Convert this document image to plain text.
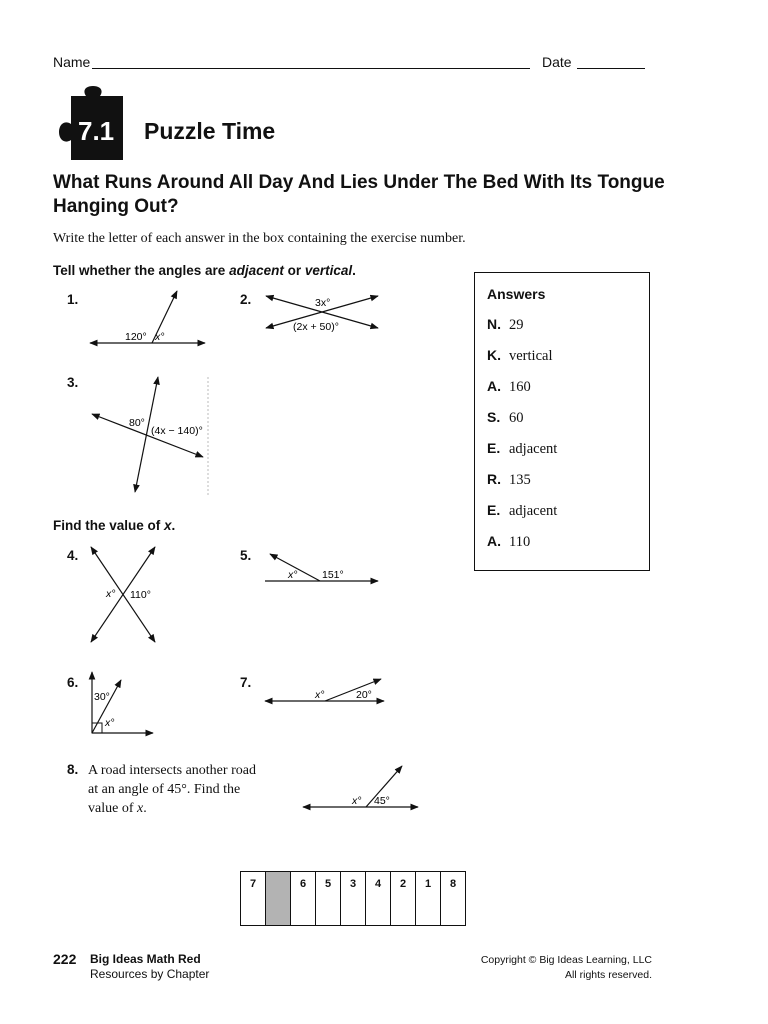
Name	Date
7.1 Puzzle Time
What Runs Around All Day And Lies Under The Bed With Its Tongue Hanging Out?
Write the letter of each answer in the box containing the exercise number.
Tell whether the angles are adjacent or vertical.
1.
120° x°
2.	3x°
(2x + 50)°
3.
80°
(4x − 140)°
Find the value of x.
4.
x° 110°
5.
x° 151°
6.
30°
x°
7.
x°	20°
8. A road intersects another road
at an angle of 45°. Find the
value of x.	x° 45°
Answers
N. 29
K. vertical
A. 160
S. 60
E. adjacent
R. 135
E. adjacent
A. 110
7		6	5	3	4	2	1	8
222 Big Ideas Math Red
Resources by Chapter
Copyright © Big Ideas Learning, LLC
All rights reserved.
